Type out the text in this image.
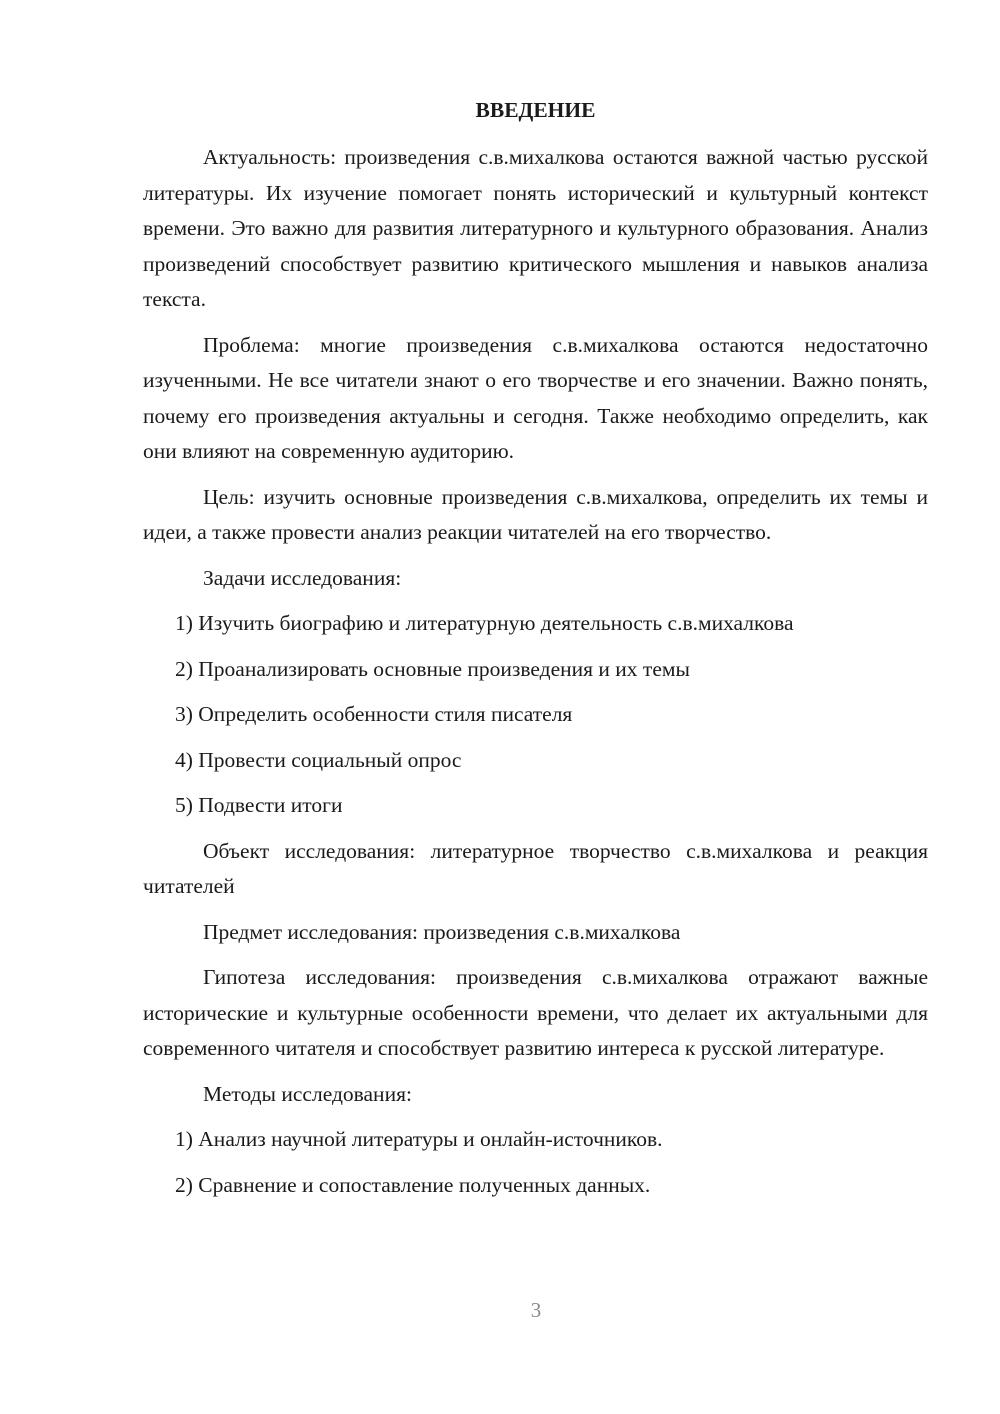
ВВЕДЕНИЕ

Актуальность: произведения с.в.михалкова остаются важной частью русской литературы. Их изучение помогает понять исторический и культурный контекст времени. Это важно для развития литературного и культурного образования. Анализ произведений способствует развитию критического мышления и навыков анализа текста.

Проблема: многие произведения с.в.михалкова остаются недостаточно изученными. Не все читатели знают о его творчестве и его значении. Важно понять, почему его произведения актуальны и сегодня. Также необходимо определить, как они влияют на современную аудиторию.

Цель: изучить основные произведения с.в.михалкова, определить их темы и идеи, а также провести анализ реакции читателей на его творчество.

Задачи исследования:

1) Изучить биографию и литературную деятельность с.в.михалкова
2) Проанализировать основные произведения и их темы
3) Определить особенности стиля писателя
4) Провести социальный опрос
5) Подвести итоги

Объект исследования: литературное творчество с.в.михалкова и реакция читателей

Предмет исследования: произведения с.в.михалкова

Гипотеза исследования: произведения с.в.михалкова отражают важные исторические и культурные особенности времени, что делает их актуальными для современного читателя и способствует развитию интереса к русской литературе.

Методы исследования:

1) Анализ научной литературы и онлайн-источников.
2) Сравнение и сопоставление полученных данных.
3
